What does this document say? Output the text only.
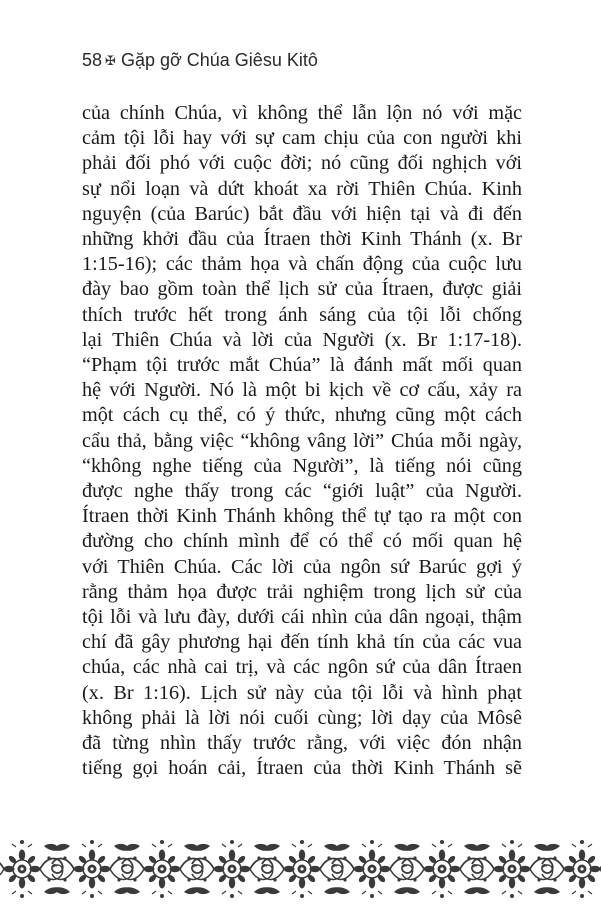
58 ✠ Gặp gỡ Chúa Giêsu Kitô
của chính Chúa, vì không thể lẫn lộn nó với mặc
cảm tội lỗi hay với sự cam chịu của con người khi
phải đối phó với cuộc đời; nó cũng đối nghịch với
sự nổi loạn và dứt khoát xa rời Thiên Chúa. Kinh
nguyện (của Barúc) bắt đầu với hiện tại và đi đến
những khởi đầu của Ítraen thời Kinh Thánh (x. Br
1:15-16); các thảm họa và chấn động của cuộc lưu
đày bao gồm toàn thể lịch sử của Ítraen, được giải
thích trước hết trong ánh sáng của tội lỗi chống
lại Thiên Chúa và lời của Người (x. Br 1:17-18).
“Phạm tội trước mắt Chúa” là đánh mất mối quan
hệ với Người. Nó là một bi kịch về cơ cấu, xảy ra
một cách cụ thể, có ý thức, nhưng cũng một cách
cẩu thả, bằng việc “không vâng lời” Chúa mỗi ngày,
“không nghe tiếng của Người”, là tiếng nói cũng
được nghe thấy trong các “giới luật” của Người.
Ítraen thời Kinh Thánh không thể tự tạo ra một con
đường cho chính mình để có thể có mối quan hệ
với Thiên Chúa. Các lời của ngôn sứ Barúc gợi ý
rằng thảm họa được trải nghiệm trong lịch sử của
tội lỗi và lưu đày, dưới cái nhìn của dân ngoại, thậm
chí đã gây phương hại đến tính khả tín của các vua
chúa, các nhà cai trị, và các ngôn sứ của dân Ítraen
(x. Br 1:16). Lịch sử này của tội lỗi và hình phạt
không phải là lời nói cuối cùng; lời dạy của Môsê
đã từng nhìn thấy trước rằng, với việc đón nhận
tiếng gọi hoán cải, Ítraen của thời Kinh Thánh sẽ
